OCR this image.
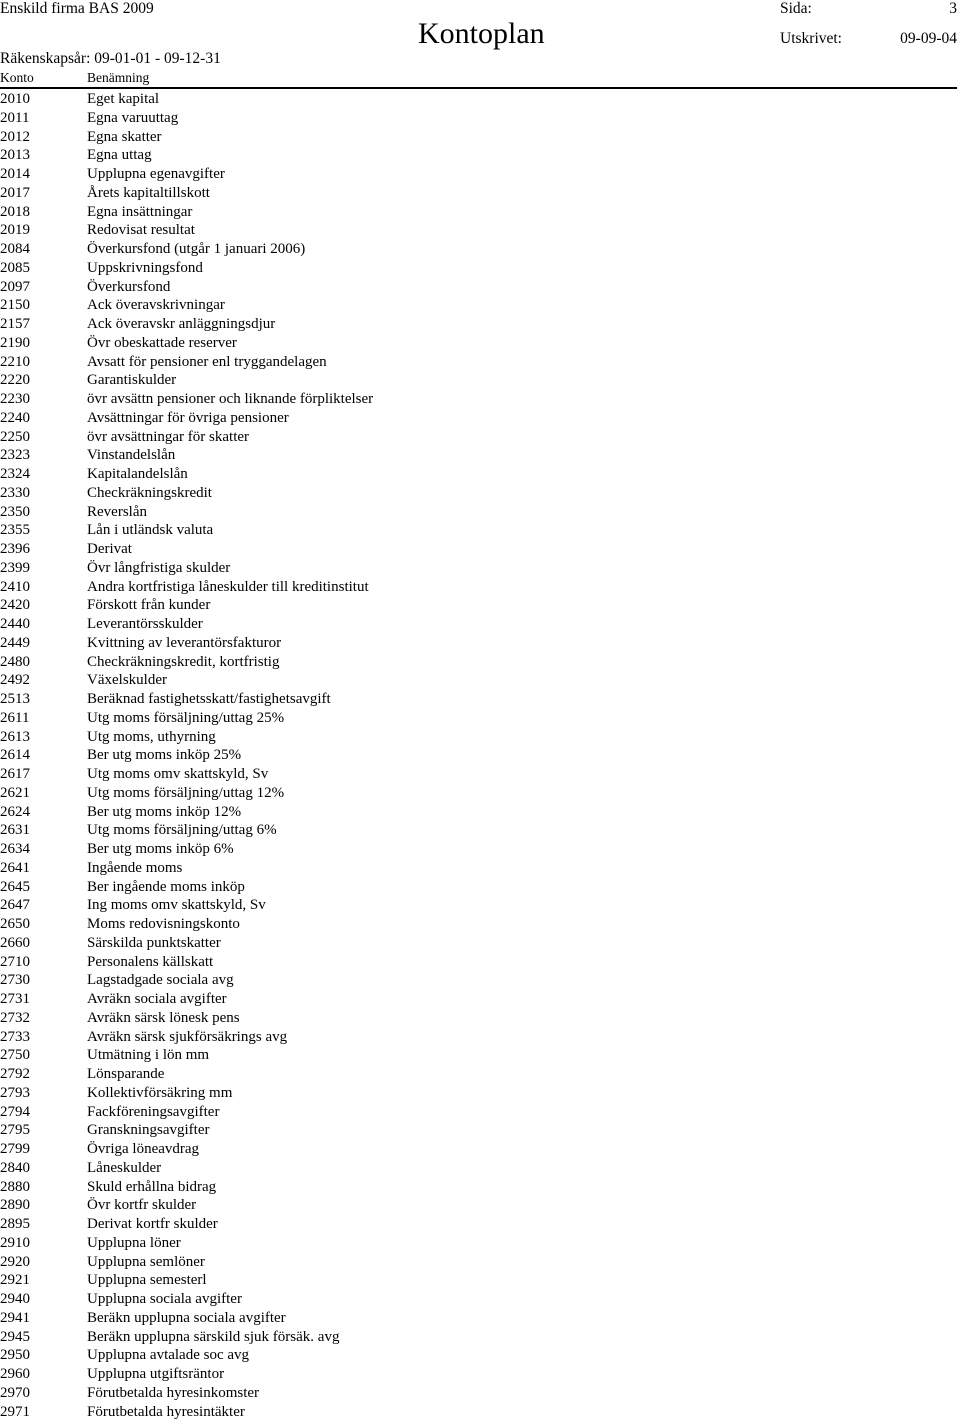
Enskild firma BAS 2009	Sida:	3
Kontoplan	Utskrivet:	09-09-04
Räkenskapsår: 09-01-01 - 09-12-31
Konto	Benämning
2010	Eget kapital
2011	Egna varuuttag
2012	Egna skatter
2013	Egna uttag
2014	Upplupna egenavgifter
2017	Årets kapitaltillskott
2018	Egna insättningar
2019	Redovisat resultat
2084	Överkursfond (utgår 1 januari 2006)
2085	Uppskrivningsfond
2097	Överkursfond
2150	Ack överavskrivningar
2157	Ack överavskr anläggningsdjur
2190	Övr obeskattade reserver
2210	Avsatt för pensioner enl tryggandelagen
2220	Garantiskulder
2230	övr avsättn pensioner och liknande förpliktelser
2240	Avsättningar för övriga pensioner
2250	övr avsättningar för skatter
2323	Vinstandelslån
2324	Kapitalandelslån
2330	Checkräkningskredit
2350	Reverslån
2355	Lån i utländsk valuta
2396	Derivat
2399	Övr långfristiga skulder
2410	Andra kortfristiga låneskulder till kreditinstitut
2420	Förskott från kunder
2440	Leverantörsskulder
2449	Kvittning av leverantörsfakturor
2480	Checkräkningskredit, kortfristig
2492	Växelskulder
2513	Beräknad fastighetsskatt/fastighetsavgift
2611	Utg moms försäljning/uttag 25%
2613	Utg moms, uthyrning
2614	Ber utg moms inköp 25%
2617	Utg moms omv skattskyld, Sv
2621	Utg moms försäljning/uttag 12%
2624	Ber utg moms inköp 12%
2631	Utg moms försäljning/uttag 6%
2634	Ber utg moms inköp 6%
2641	Ingående moms
2645	Ber ingående moms inköp
2647	Ing moms omv skattskyld, Sv
2650	Moms redovisningskonto
2660	Särskilda punktskatter
2710	Personalens källskatt
2730	Lagstadgade sociala avg
2731	Avräkn sociala avgifter
2732	Avräkn särsk lönesk pens
2733	Avräkn särsk sjukförsäkrings avg
2750	Utmätning i lön mm
2792	Lönsparande
2793	Kollektivförsäkring mm
2794	Fackföreningsavgifter
2795	Granskningsavgifter
2799	Övriga löneavdrag
2840	Låneskulder
2880	Skuld erhållna bidrag
2890	Övr kortfr skulder
2895	Derivat kortfr skulder
2910	Upplupna löner
2920	Upplupna semlöner
2921	Upplupna semesterl
2940	Upplupna sociala avgifter
2941	Beräkn upplupna sociala avgifter
2945	Beräkn upplupna särskild sjuk försäk. avg
2950	Upplupna avtalade soc avg
2960	Upplupna utgiftsräntor
2970	Förutbetalda hyresinkomster
2971	Förutbetalda hyresintäkter
